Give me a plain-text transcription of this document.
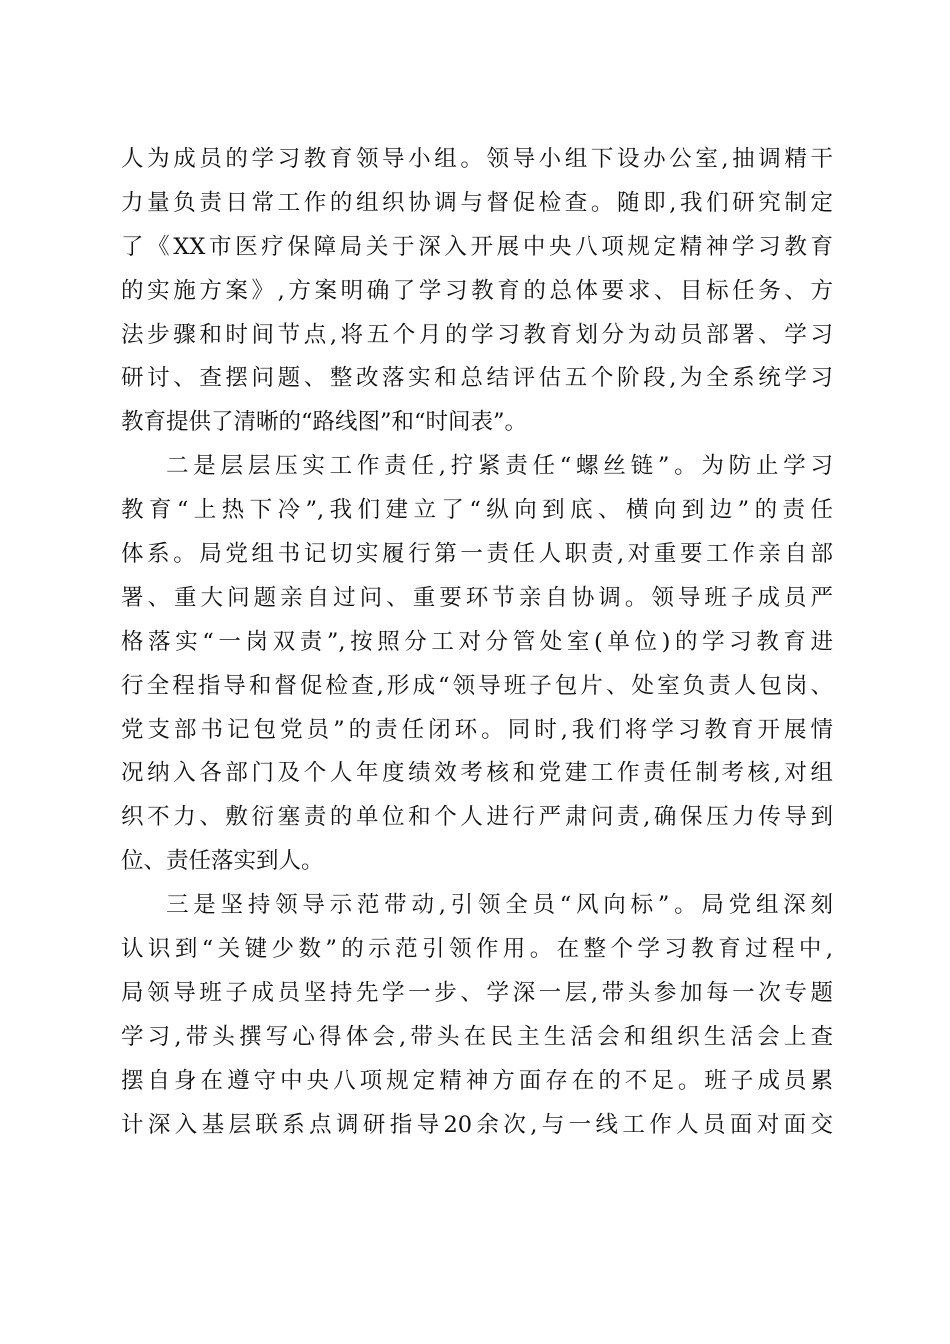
人为成员的学习教育领导小组。领导小组下设办公室,抽调精干
力量负责日常工作的组织协调与督促检查。随即,我们研究制定
了《XX市医疗保障局关于深入开展中央八项规定精神学习教育
的实施方案》,方案明确了学习教育的总体要求、目标任务、方
法步骤和时间节点,将五个月的学习教育划分为动员部署、学习
研讨、查摆问题、整改落实和总结评估五个阶段,为全系统学习
教育提供了清晰的“路线图”和“时间表”。
二是层层压实工作责任,拧紧责任“螺丝链”。为防止学习
教育“上热下冷”,我们建立了“纵向到底、横向到边”的责任
体系。局党组书记切实履行第一责任人职责,对重要工作亲自部
署、重大问题亲自过问、重要环节亲自协调。领导班子成员严
格落实“一岗双责”,按照分工对分管处室(单位)的学习教育进
行全程指导和督促检查,形成“领导班子包片、处室负责人包岗、
党支部书记包党员”的责任闭环。同时,我们将学习教育开展情
况纳入各部门及个人年度绩效考核和党建工作责任制考核,对组
织不力、敷衍塞责的单位和个人进行严肃问责,确保压力传导到
位、责任落实到人。
三是坚持领导示范带动,引领全员“风向标”。局党组深刻
认识到“关键少数”的示范引领作用。在整个学习教育过程中,
局领导班子成员坚持先学一步、学深一层,带头参加每一次专题
学习,带头撰写心得体会,带头在民主生活会和组织生活会上查
摆自身在遵守中央八项规定精神方面存在的不足。班子成员累
计深入基层联系点调研指导20余次,与一线工作人员面对面交
